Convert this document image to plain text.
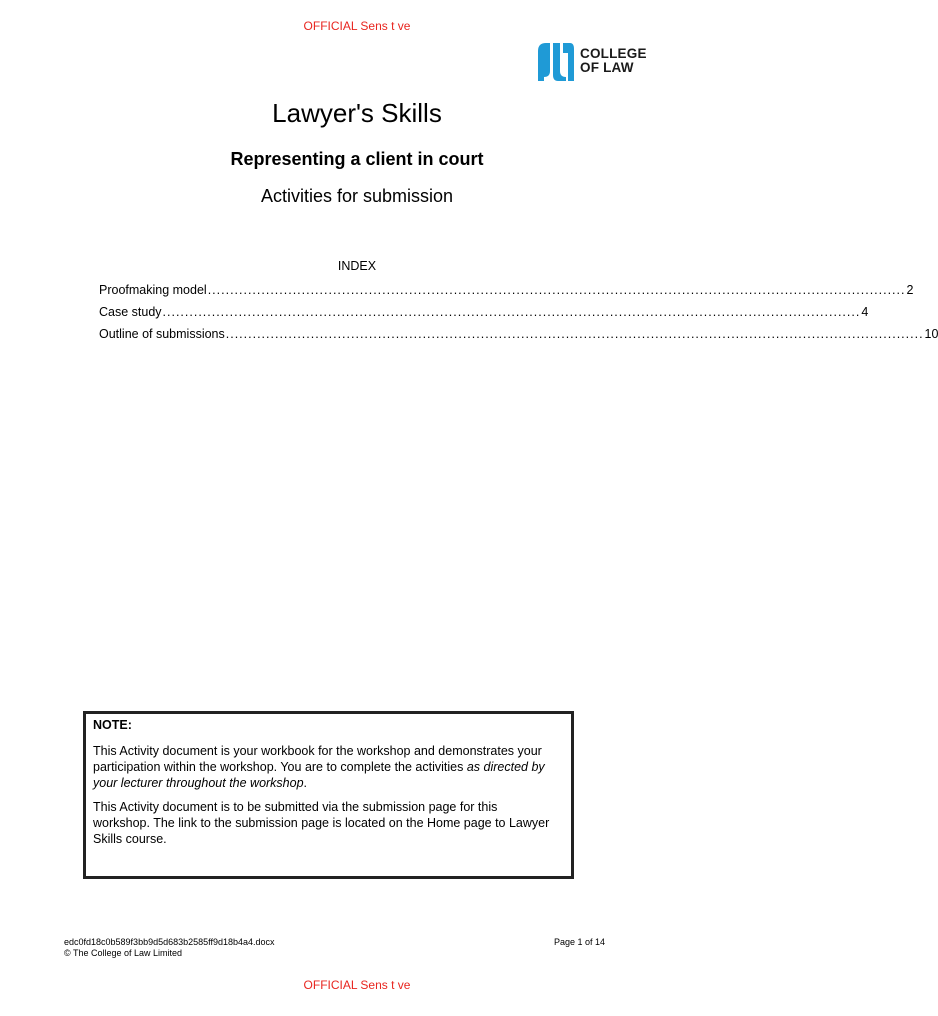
OFFICIAL Sens t ve
COLLEGE
OF LAW
Lawyer's Skills
Representing a client in court
Activities for submission
INDEX
Proofmaking model ............................................................................................................................................................ 2
Case study ............................................................................................................................................................ 4
Outline of submissions ............................................................................................................................................................ 10
NOTE:

This Activity document is your workbook for the workshop and demonstrates your participation within the workshop. You are to complete the activities as directed by your lecturer throughout the workshop.

This Activity document is to be submitted via the submission page for this workshop. The link to the submission page is located on the Home page to Lawyer Skills course.

edc0fd18c0b589f3bb9d5d683b2585ff9d18b4a4.docx
© The College of Law Limited
Page 1 of 14
OFFICIAL Sens t ve
